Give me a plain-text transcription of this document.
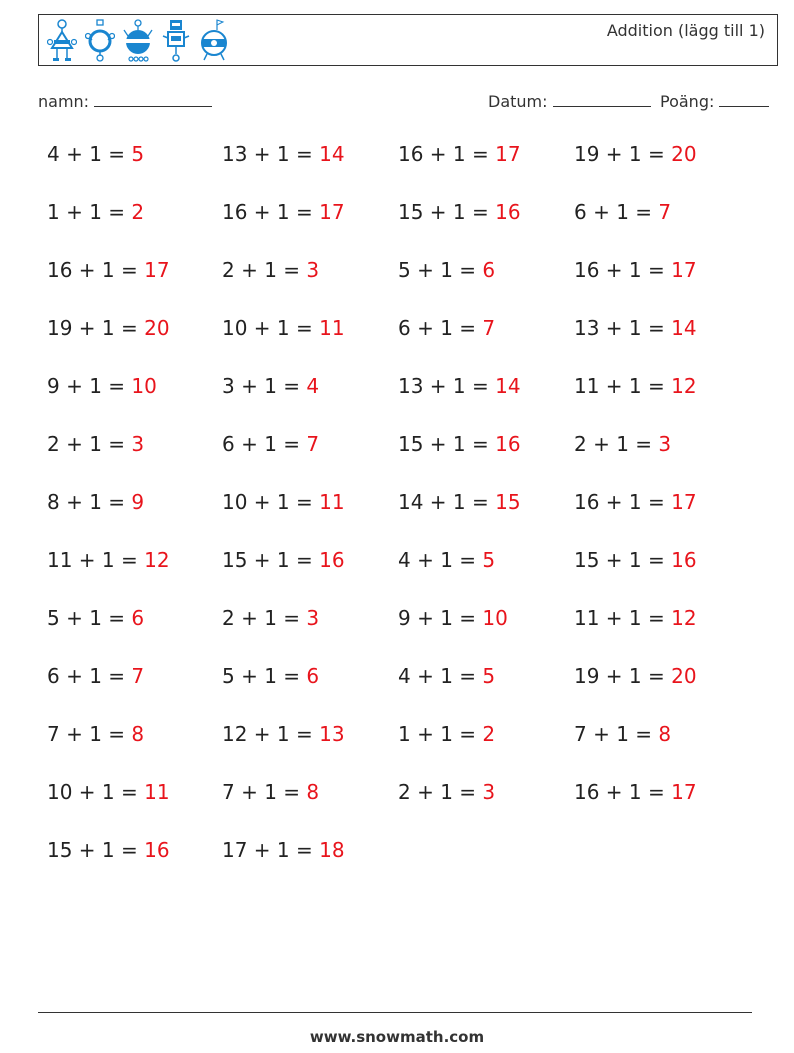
Addition (lägg till 1)
namn:	Datum:	Poäng:
4 + 1 = 5
1 + 1 = 2
16 + 1 = 17
19 + 1 = 20
9 + 1 = 10
2 + 1 = 3
8 + 1 = 9
11 + 1 = 12
5 + 1 = 6
6 + 1 = 7
7 + 1 = 8
10 + 1 = 11
15 + 1 = 16
13 + 1 = 14
16 + 1 = 17
2 + 1 = 3
10 + 1 = 11
3 + 1 = 4
6 + 1 = 7
10 + 1 = 11
15 + 1 = 16
2 + 1 = 3
5 + 1 = 6
12 + 1 = 13
7 + 1 = 8
17 + 1 = 18
16 + 1 = 17
15 + 1 = 16
5 + 1 = 6
6 + 1 = 7
13 + 1 = 14
15 + 1 = 16
14 + 1 = 15
4 + 1 = 5
9 + 1 = 10
4 + 1 = 5
1 + 1 = 2
2 + 1 = 3
19 + 1 = 20
6 + 1 = 7
16 + 1 = 17
13 + 1 = 14
11 + 1 = 12
2 + 1 = 3
16 + 1 = 17
15 + 1 = 16
11 + 1 = 12
19 + 1 = 20
7 + 1 = 8
16 + 1 = 17
www.snowmath.com
